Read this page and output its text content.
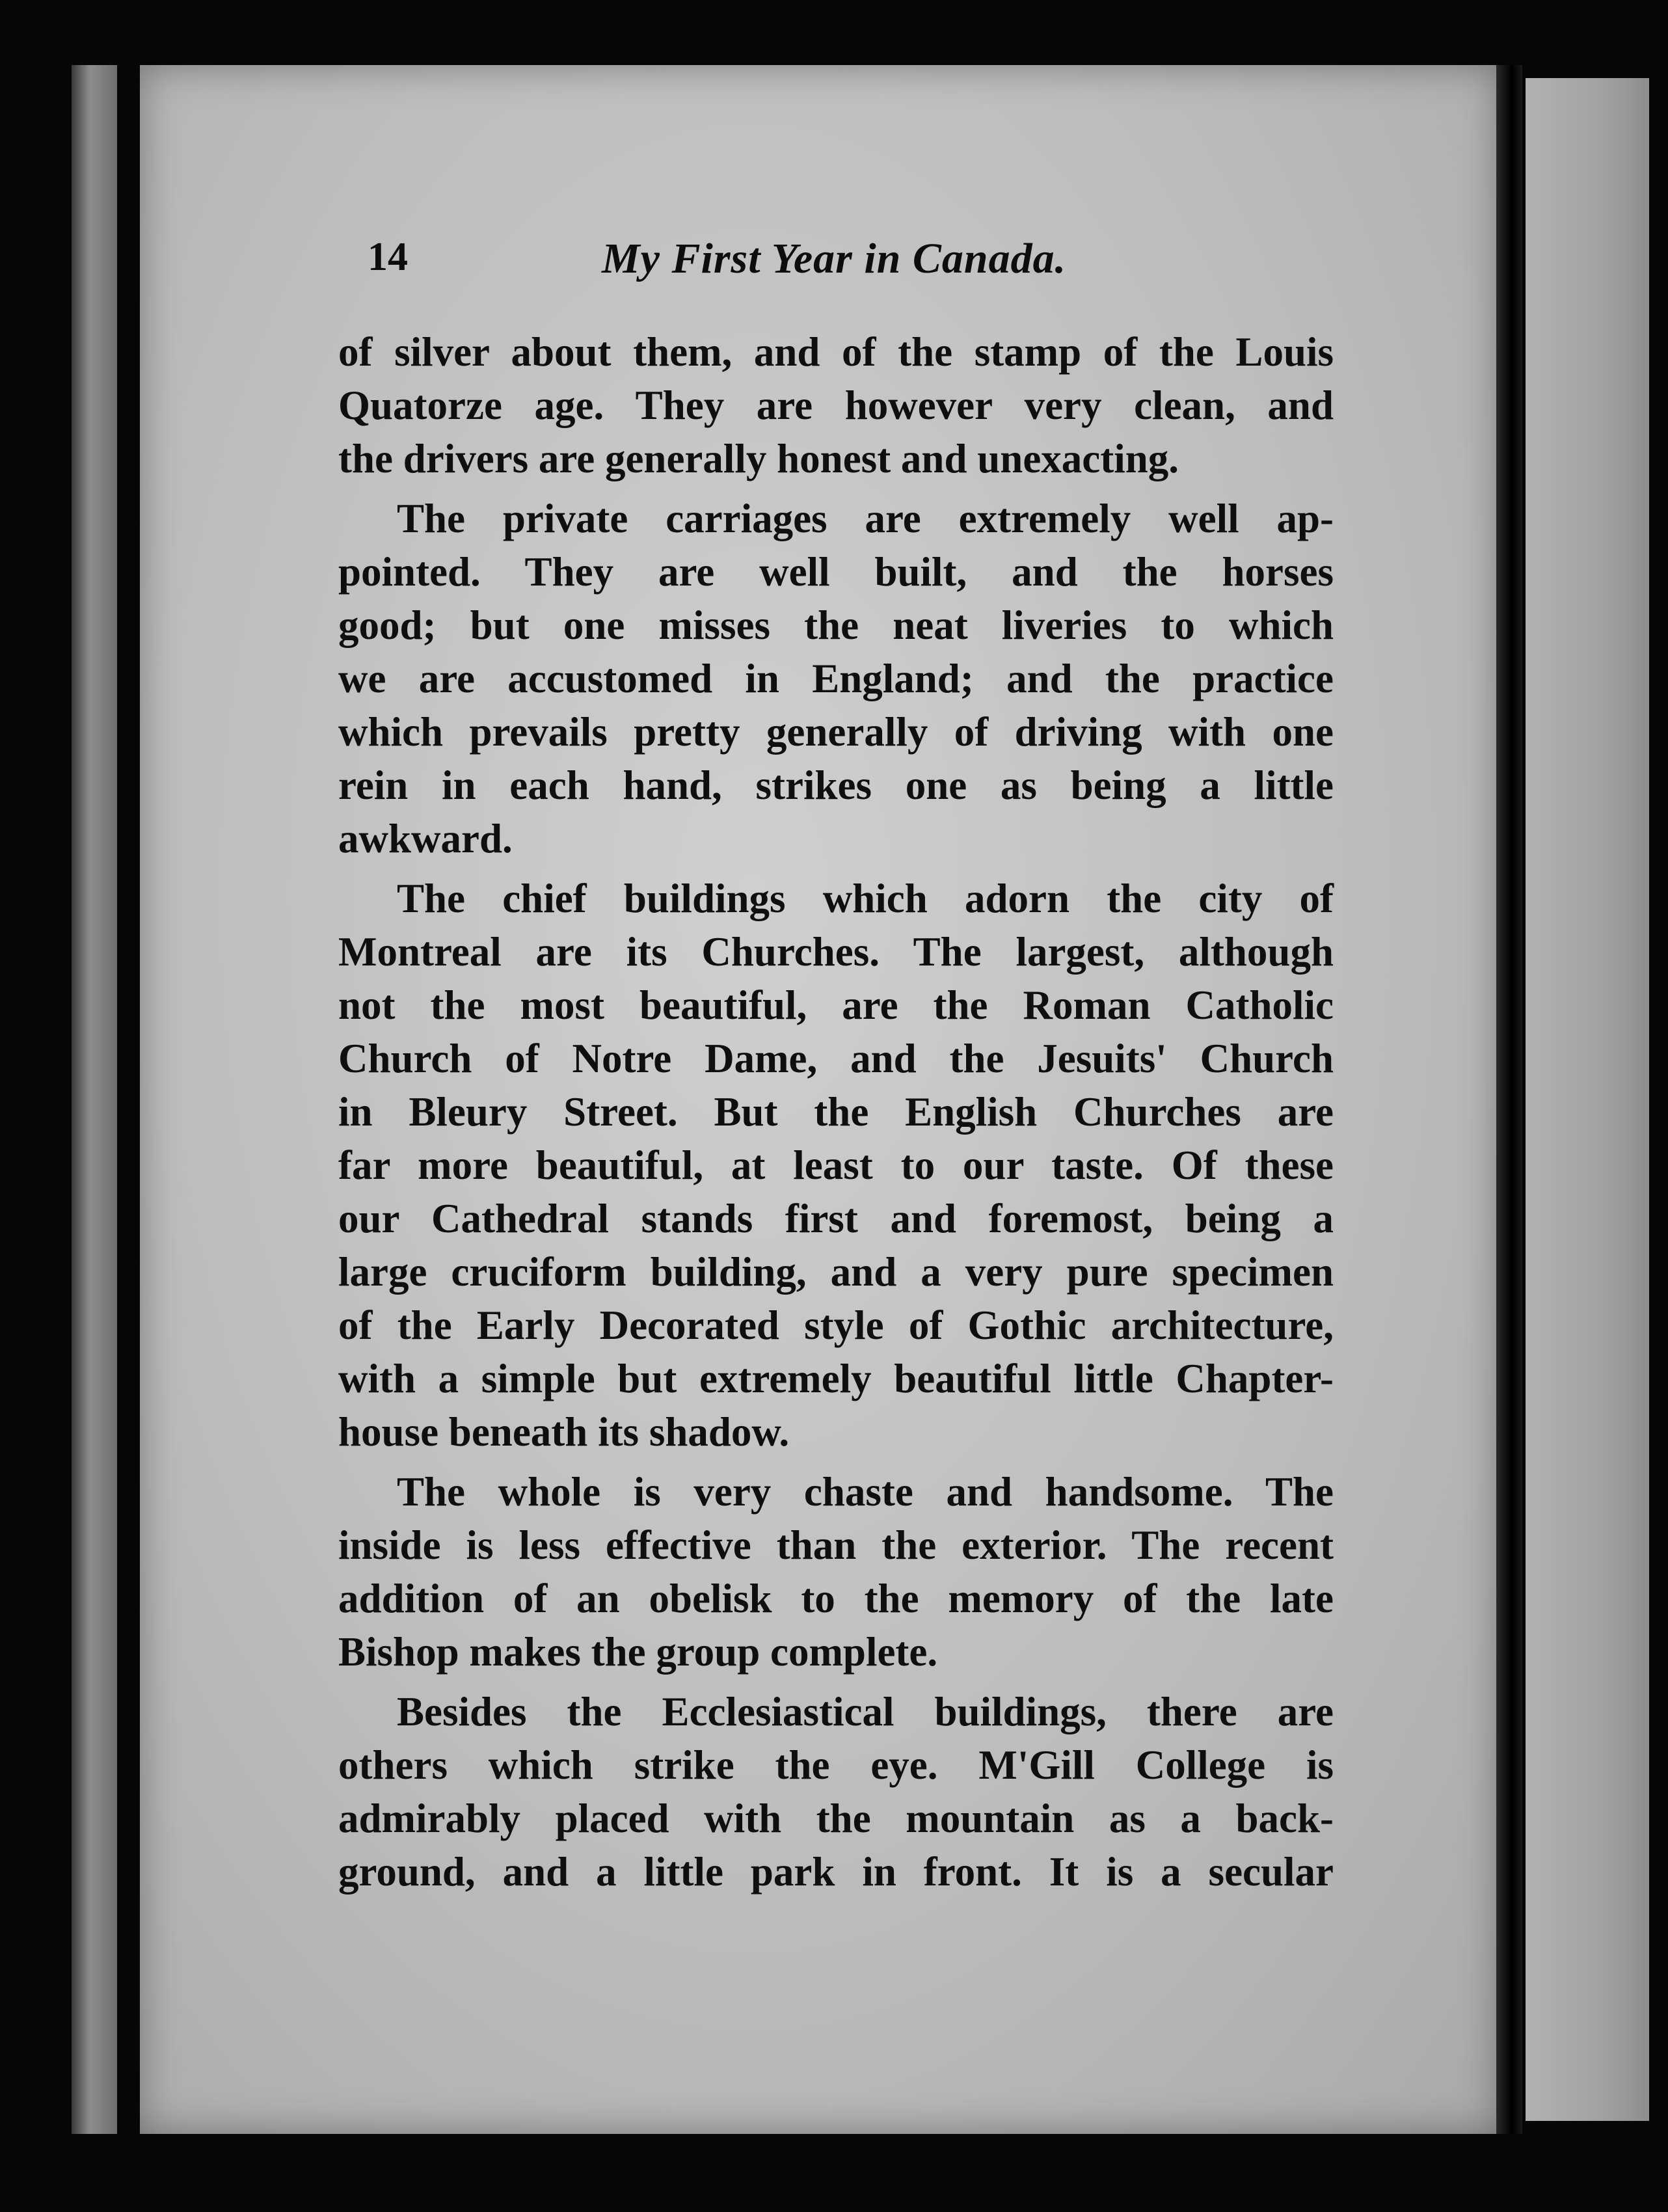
14	My First Year in Canada.
of silver about them, and of the stamp of the Louis
Quatorze age. They are however very clean, and
the drivers are generally honest and unexacting.
The private carriages are extremely well ap-
pointed. They are well built, and the horses
good; but one misses the neat liveries to which
we are accustomed in England; and the practice
which prevails pretty generally of driving with one
rein in each hand, strikes one as being a little
awkward.
The chief buildings which adorn the city of
Montreal are its Churches. The largest, although
not the most beautiful, are the Roman Catholic
Church of Notre Dame, and the Jesuits' Church
in Bleury Street. But the English Churches are
far more beautiful, at least to our taste. Of these
our Cathedral stands first and foremost, being a
large cruciform building, and a very pure specimen
of the Early Decorated style of Gothic architecture,
with a simple but extremely beautiful little Chapter-
house beneath its shadow.
The whole is very chaste and handsome. The
inside is less effective than the exterior. The recent
addition of an obelisk to the memory of the late
Bishop makes the group complete.
Besides the Ecclesiastical buildings, there are
others which strike the eye. M'Gill College is
admirably placed with the mountain as a back-
ground, and a little park in front. It is a secular
